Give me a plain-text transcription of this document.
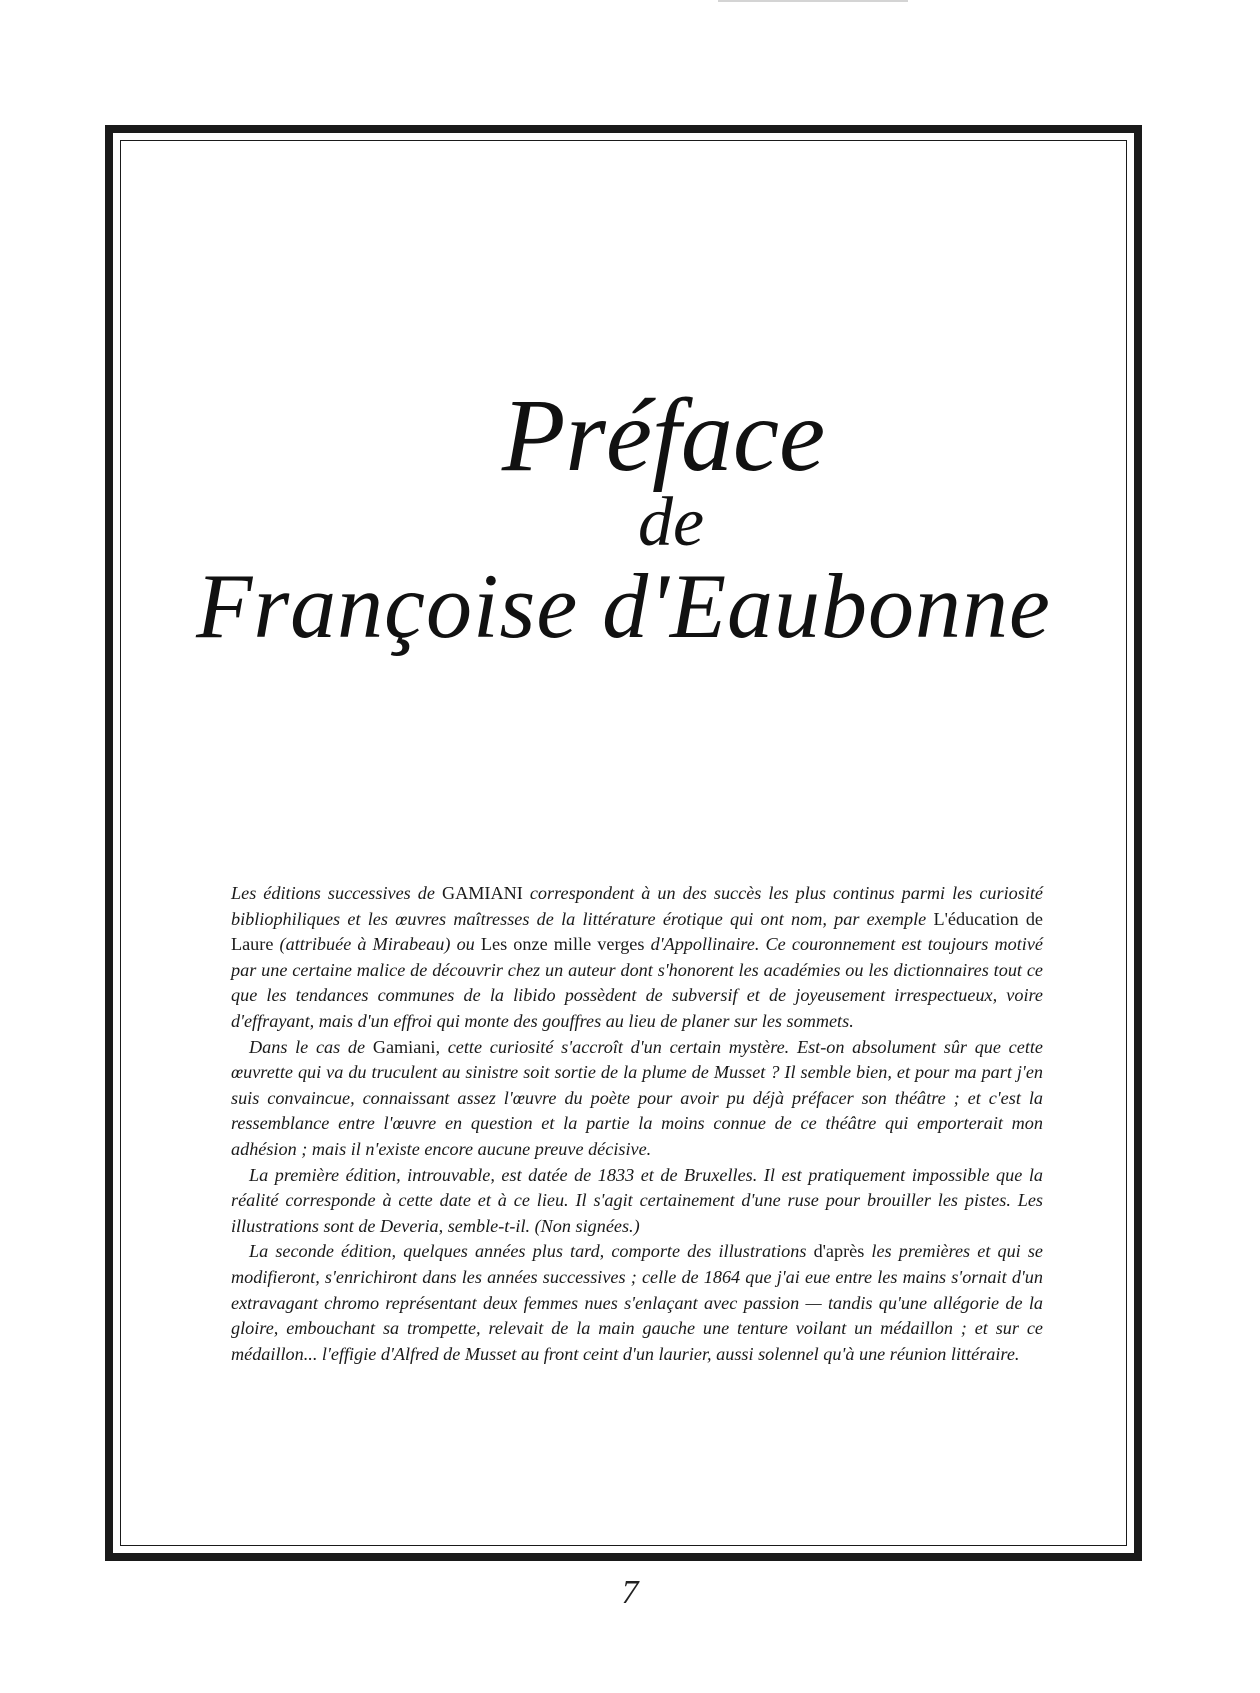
Préface
de
Françoise d'Eaubonne

Les éditions successives de GAMIANI correspondent à un des succès les plus continus parmi les curiosité bibliophiliques et les œuvres maîtresses de la littérature érotique qui ont nom, par exemple L'éducation de Laure (attribuée à Mirabeau) ou Les onze mille verges d'Appollinaire. Ce couronnement est toujours motivé par une certaine malice de découvrir chez un auteur dont s'honorent les académies ou les dictionnaires tout ce que les tendances communes de la libido possèdent de subversif et de joyeusement irrespectueux, voire d'effrayant, mais d'un effroi qui monte des gouffres au lieu de planer sur les sommets.

Dans le cas de Gamiani, cette curiosité s'accroît d'un certain mystère. Est-on absolument sûr que cette œuvrette qui va du truculent au sinistre soit sortie de la plume de Musset ? Il semble bien, et pour ma part j'en suis convaincue, connaissant assez l'œuvre du poète pour avoir pu déjà préfacer son théâtre ; et c'est la ressemblance entre l'œuvre en question et la partie la moins connue de ce théâtre qui emporterait mon adhésion ; mais il n'existe encore aucune preuve décisive.

La première édition, introuvable, est datée de 1833 et de Bruxelles. Il est pratiquement impossible que la réalité corresponde à cette date et à ce lieu. Il s'agit certainement d'une ruse pour brouiller les pistes. Les illustrations sont de Deveria, semble-t-il. (Non signées.)

La seconde édition, quelques années plus tard, comporte des illustrations d'après les premières et qui se modifieront, s'enrichiront dans les années successives ; celle de 1864 que j'ai eue entre les mains s'ornait d'un extravagant chromo représentant deux femmes nues s'enlaçant avec passion — tandis qu'une allégorie de la gloire, embouchant sa trompette, relevait de la main gauche une tenture voilant un médaillon ; et sur ce médaillon... l'effigie d'Alfred de Musset au front ceint d'un laurier, aussi solennel qu'à une réunion littéraire.

7
